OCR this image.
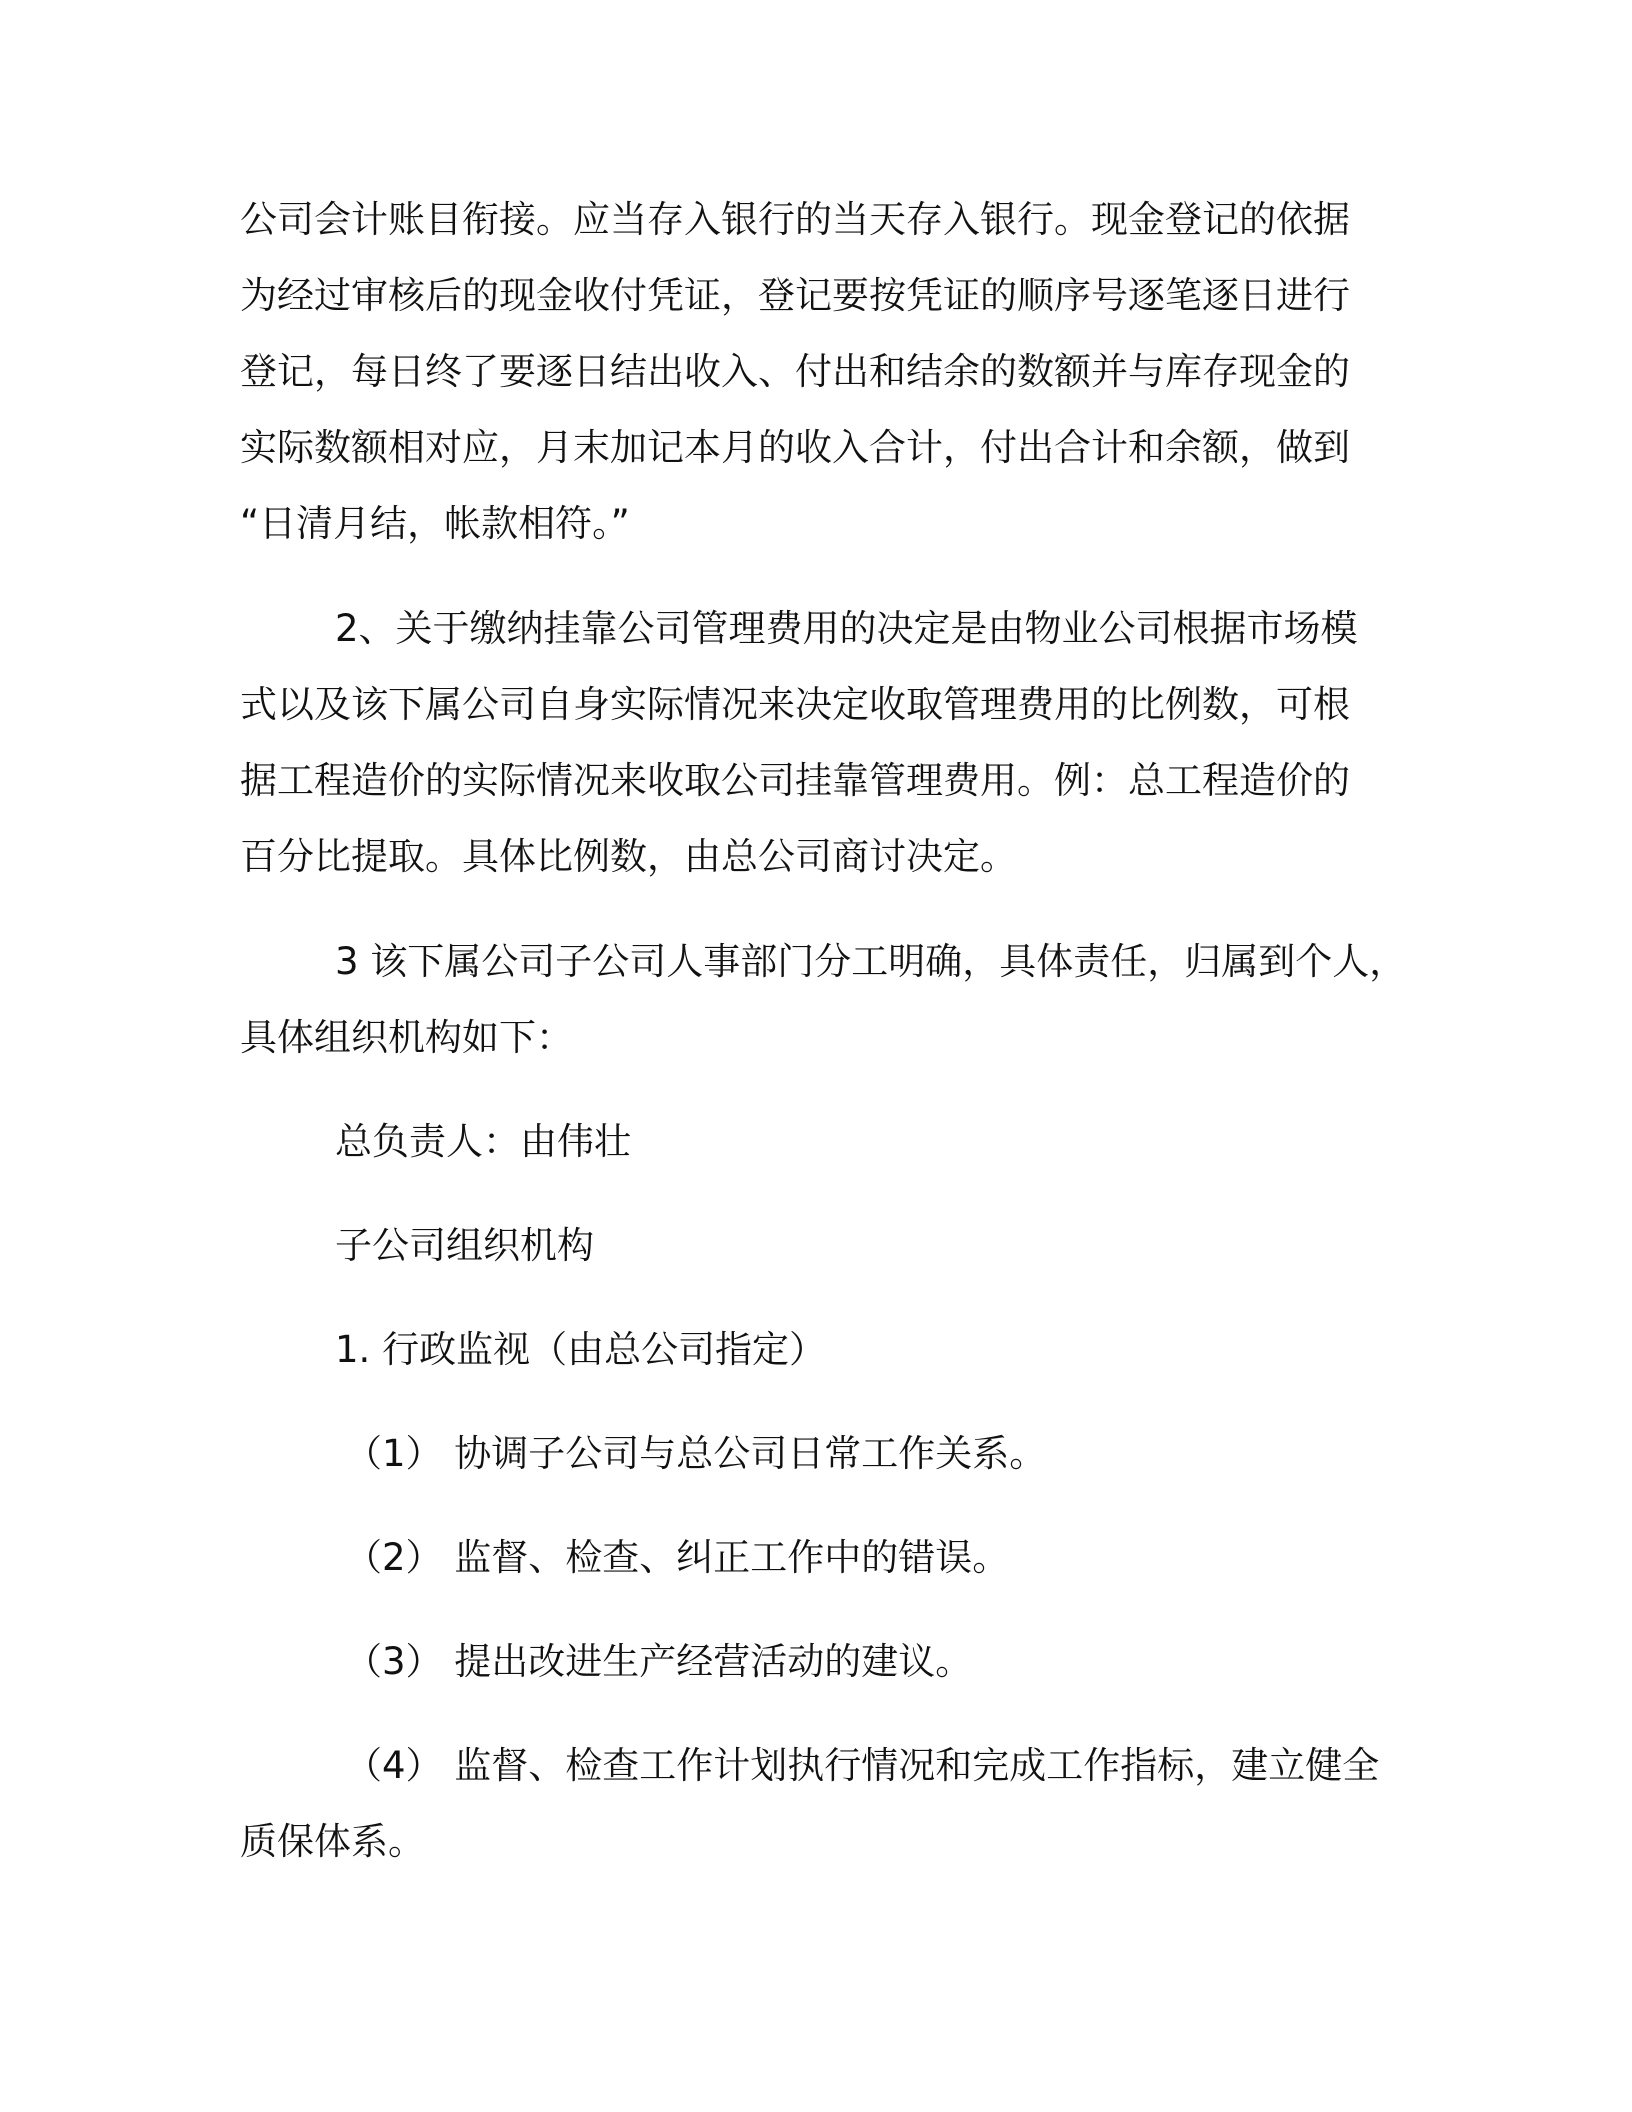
公司会计账目衔接。应当存入银行的当天存入银行。现金登记的依据
为经过审核后的现金收付凭证，登记要按凭证的顺序号逐笔逐日进行
登记，每日终了要逐日结出收入、付出和结余的数额并与库存现金的
实际数额相对应，月末加记本月的收入合计，付出合计和余额，做到
“日清月结，帐款相符。”
2、关于缴纳挂靠公司管理费用的决定是由物业公司根据市场模
式以及该下属公司自身实际情况来决定收取管理费用的比例数，可根
据工程造价的实际情况来收取公司挂靠管理费用。例：总工程造价的
百分比提取。具体比例数，由总公司商讨决定。
3 该下属公司子公司人事部门分工明确，具体责任，归属到个人，
具体组织机构如下：
总负责人：由伟壮
子公司组织机构
1. 行政监视（由总公司指定）
（1） 协调子公司与总公司日常工作关系。
（2） 监督、检查、纠正工作中的错误。
（3） 提出改进生产经营活动的建议。
（4） 监督、检查工作计划执行情况和完成工作指标，建立健全
质保体系。
